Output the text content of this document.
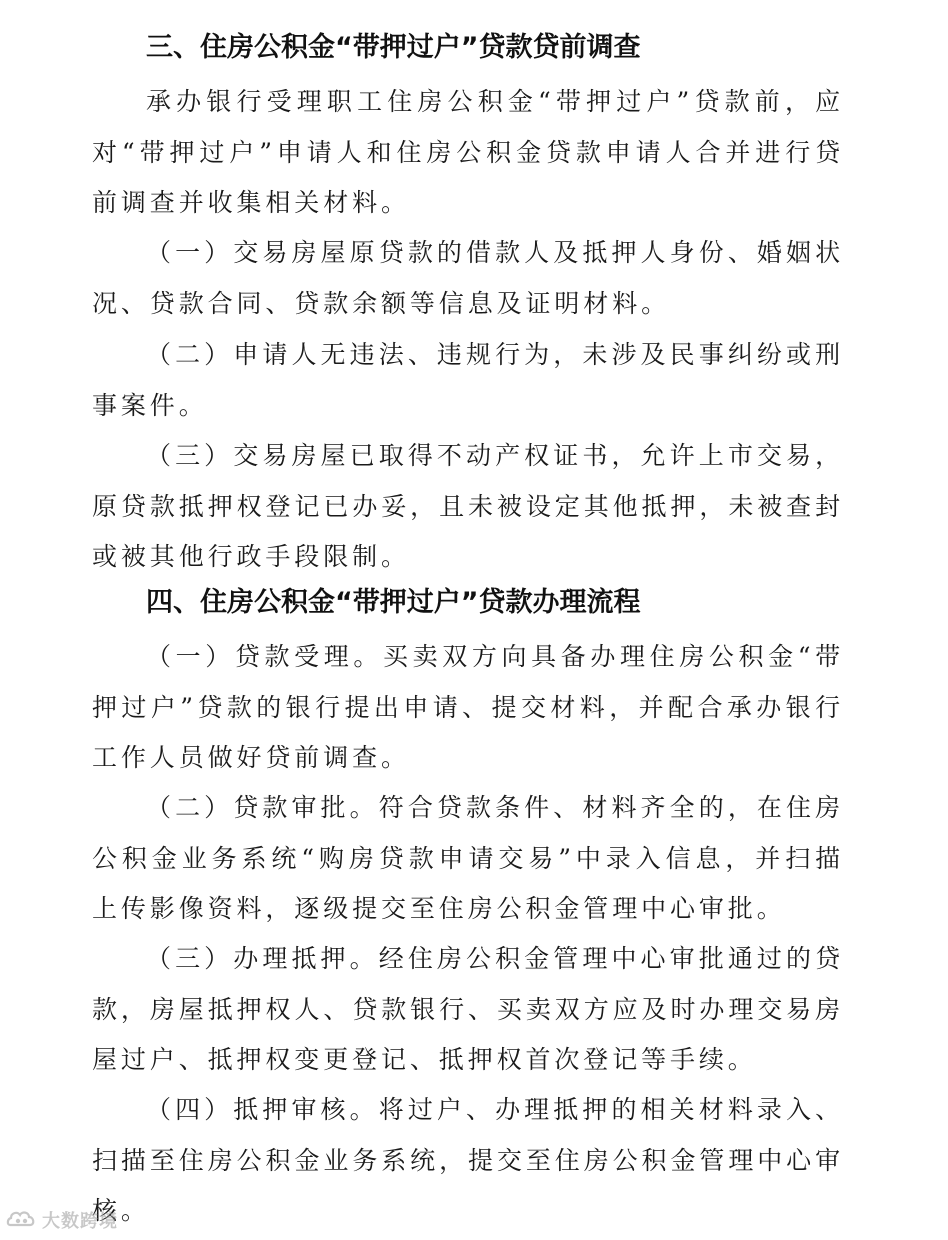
三、住房公积金“带押过户”贷款贷前调查

承办银行受理职工住房公积金“带押过户”贷款前，应对“带押过户”申请人和住房公积金贷款申请人合并进行贷前调查并收集相关材料。

（一）交易房屋原贷款的借款人及抵押人身份、婚姻状况、贷款合同、贷款余额等信息及证明材料。

（二）申请人无违法、违规行为，未涉及民事纠纷或刑事案件。

（三）交易房屋已取得不动产权证书，允许上市交易，原贷款抵押权登记已办妥，且未被设定其他抵押，未被查封或被其他行政手段限制。

四、住房公积金“带押过户”贷款办理流程

（一）贷款受理。买卖双方向具备办理住房公积金“带押过户”贷款的银行提出申请、提交材料，并配合承办银行工作人员做好贷前调查。

（二）贷款审批。符合贷款条件、材料齐全的，在住房公积金业务系统“购房贷款申请交易”中录入信息，并扫描上传影像资料，逐级提交至住房公积金管理中心审批。

（三）办理抵押。经住房公积金管理中心审批通过的贷款，房屋抵押权人、贷款银行、买卖双方应及时办理交易房屋过户、抵押权变更登记、抵押权首次登记等手续。

（四）抵押审核。将过户、办理抵押的相关材料录入、扫描至住房公积金业务系统，提交至住房公积金管理中心审核。

大数跨境
